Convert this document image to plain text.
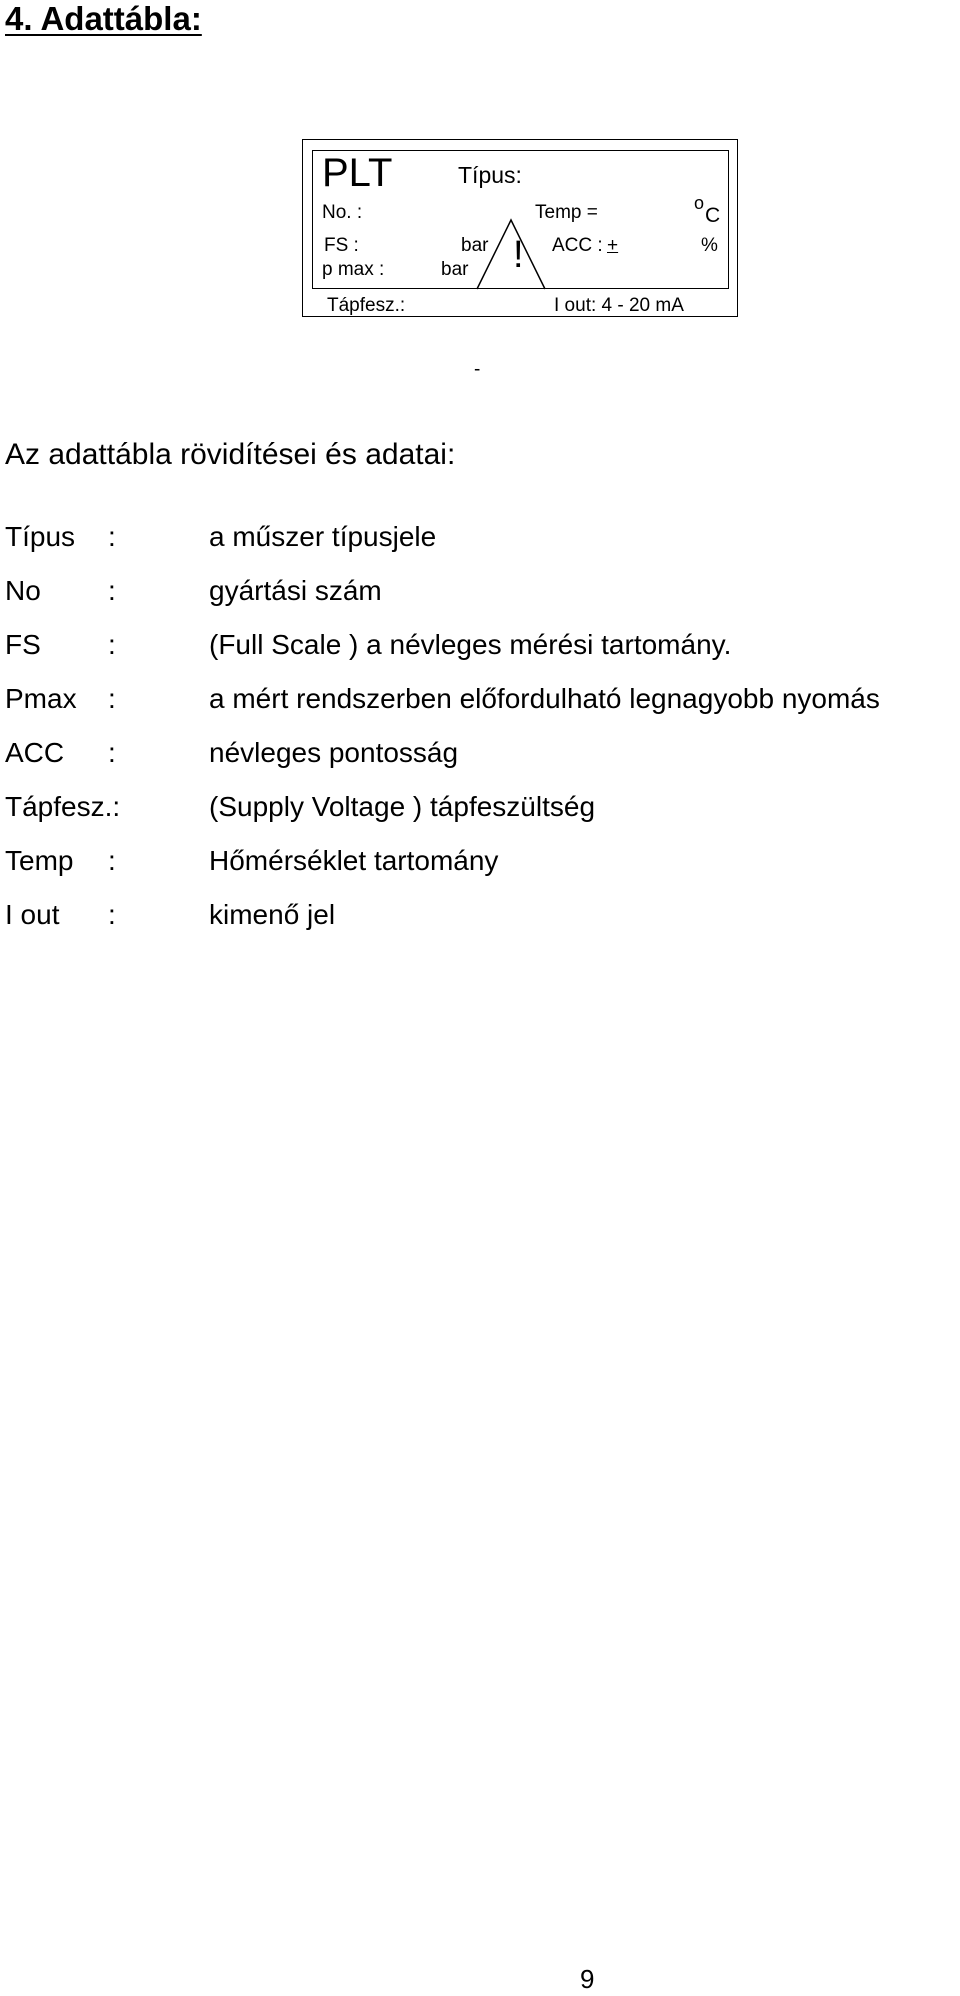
4. Adattábla:
PLT	Típus:
No. :	Temp =	o
C
FS :	bar	ACC : +	%
p max :	bar !
Tápfesz.:	I out: 4 - 20 mA
-
Az adattábla rövidítései és adatai:
Típus :	a műszer típusjele
No :	gyártási szám
FS :	(Full Scale ) a névleges mérési tartomány.
Pmax :	a mért rendszerben előfordulható legnagyobb nyomás
ACC :	névleges pontosság
Tápfesz.:	(Supply Voltage ) tápfeszültség
Temp :	Hőmérséklet tartomány
I out :	kimenő jel
9
